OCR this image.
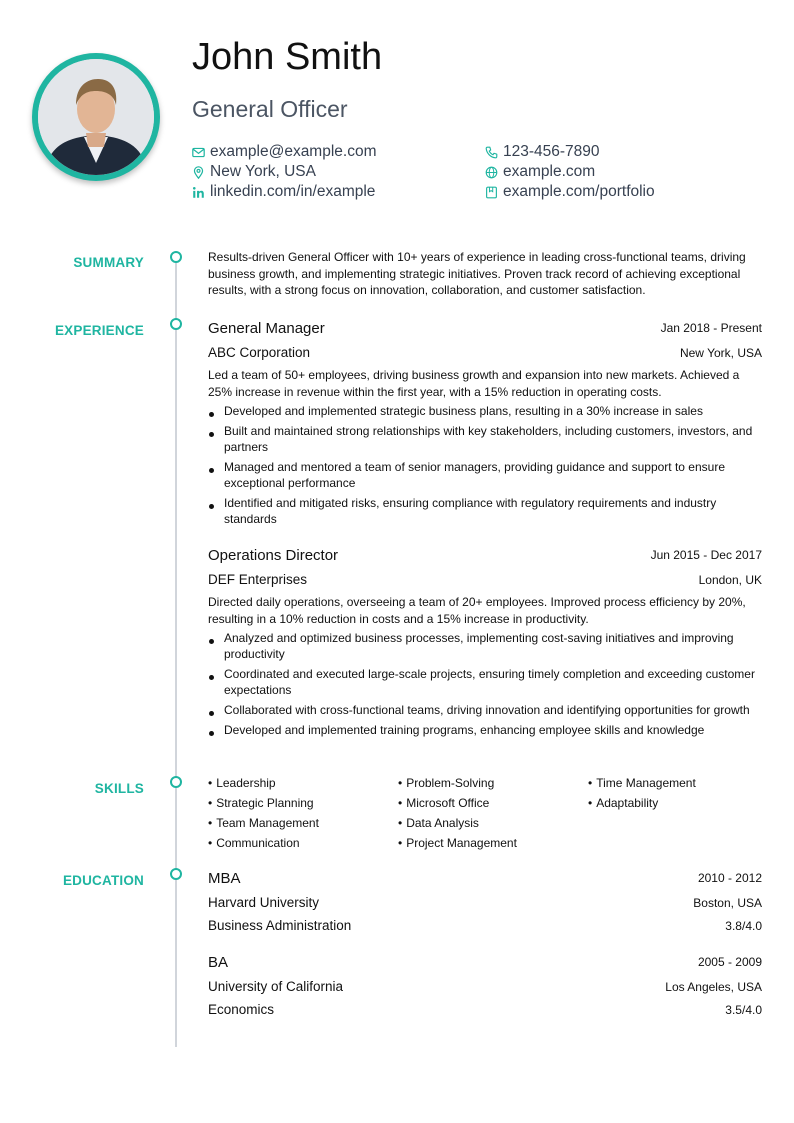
John Smith
General Officer
example@example.com
New York, USA
linkedin.com/in/example
123-456-7890
example.com
example.com/portfolio
SUMMARY	Results-driven General Officer with 10+ years of experience in leading cross-functional teams, driving business growth, and implementing strategic initiatives. Proven track record of achieving exceptional results, with a strong focus on innovation, collaboration, and customer satisfaction.
EXPERIENCE	General Manager	Jan 2018 - Present
ABC Corporation	New York, USA
Led a team of 50+ employees, driving business growth and expansion into new markets. Achieved a 25% increase in revenue within the first year, with a 15% reduction in operating costs.
Developed and implemented strategic business plans, resulting in a 30% increase in sales
Built and maintained strong relationships with key stakeholders, including customers, investors, and partners
Managed and mentored a team of senior managers, providing guidance and support to ensure exceptional performance
Identified and mitigated risks, ensuring compliance with regulatory requirements and industry standards
Operations Director	Jun 2015 - Dec 2017
DEF Enterprises	London, UK
Directed daily operations, overseeing a team of 20+ employees. Improved process efficiency by 20%, resulting in a 10% reduction in costs and a 15% increase in productivity.
Analyzed and optimized business processes, implementing cost-saving initiatives and improving productivity
Coordinated and executed large-scale projects, ensuring timely completion and exceeding customer expectations
Collaborated with cross-functional teams, driving innovation and identifying opportunities for growth
Developed and implemented training programs, enhancing employee skills and knowledge
SKILLS
•	Leadership
• Strategic Planning
• Team Management
• Communication
• Problem-Solving
• Microsoft Office
• Data Analysis
• Project Management
• Time Management
• Adaptability
EDUCATION	MBA	2010 - 2012
Harvard University	Boston, USA
Business Administration	3.8/4.0
BA	2005 - 2009
University of California	Los Angeles, USA
Economics	3.5/4.0
